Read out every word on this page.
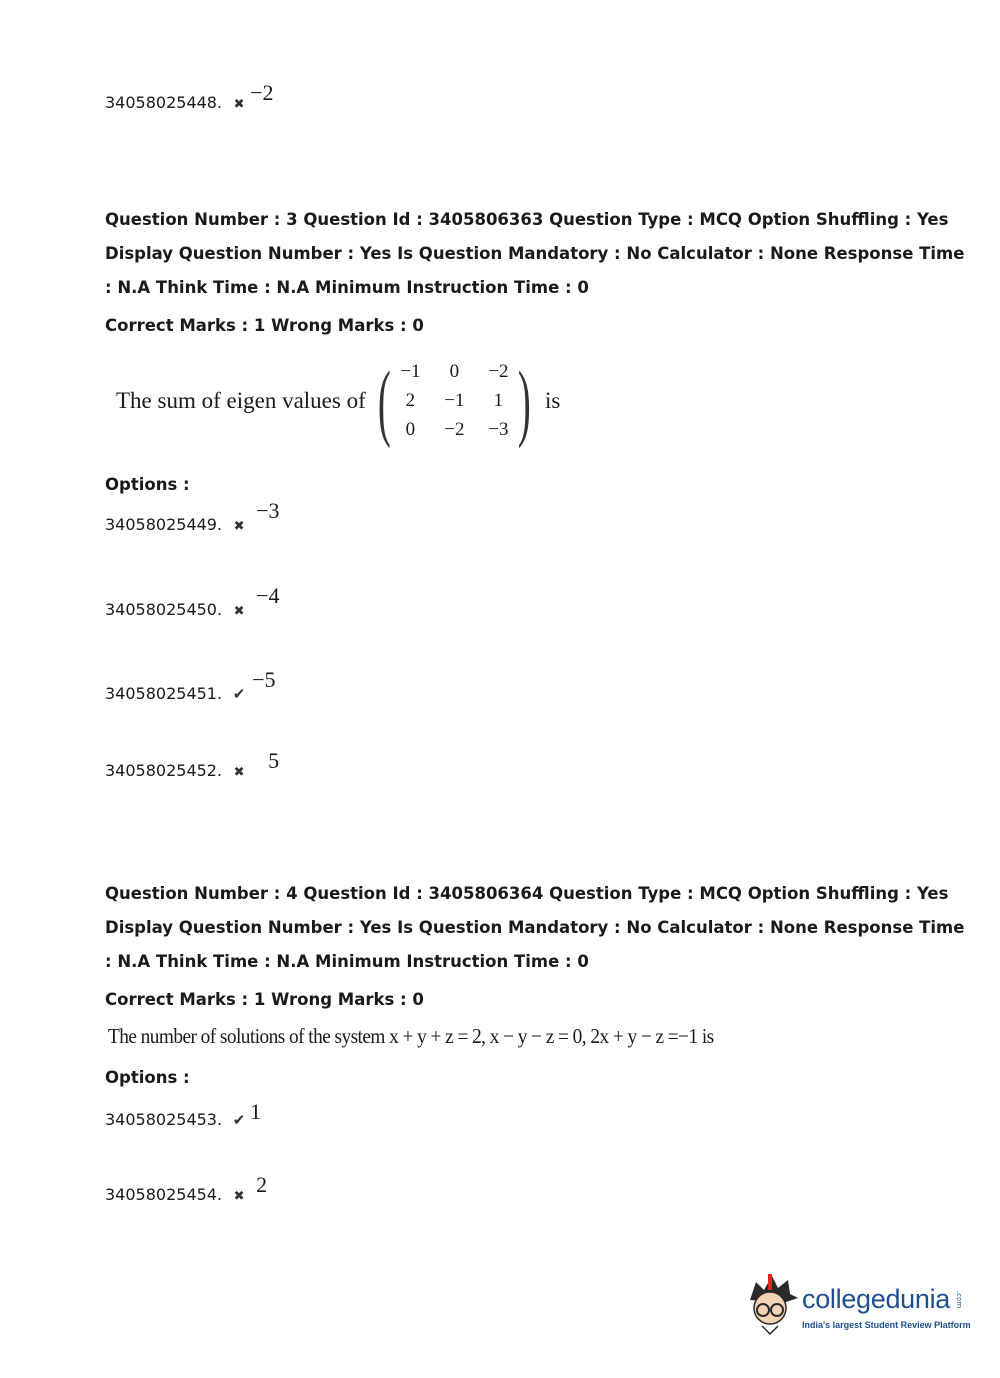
34058025448. ✖ −2
Question Number : 3 Question Id : 3405806363 Question Type : MCQ Option Shuffling : Yes
Display Question Number : Yes Is Question Mandatory : No Calculator : None Response Time
: N.A Think Time : N.A Minimum Instruction Time : 0
Correct Marks : 1 Wrong Marks : 0
The sum of eigen values of ( −1	0	−2
2	−1	1
0	−2	−3 ) is
Options :
34058025449. ✖
−3
34058025450. ✖
−4
34058025451. ✔
−5
34058025452. ✖ 5
Question Number : 4 Question Id : 3405806364 Question Type : MCQ Option Shuffling : Yes
Display Question Number : Yes Is Question Mandatory : No Calculator : None Response Time
: N.A Think Time : N.A Minimum Instruction Time : 0
Correct Marks : 1 Wrong Marks : 0
The number of solutions of the system x + y + z = 2, x − y − z = 0, 2x + y − z =−1 is
Options :
34058025453. ✔ 1
34058025454. ✖ 2
collegedunia .com
India's largest Student Review Platform
